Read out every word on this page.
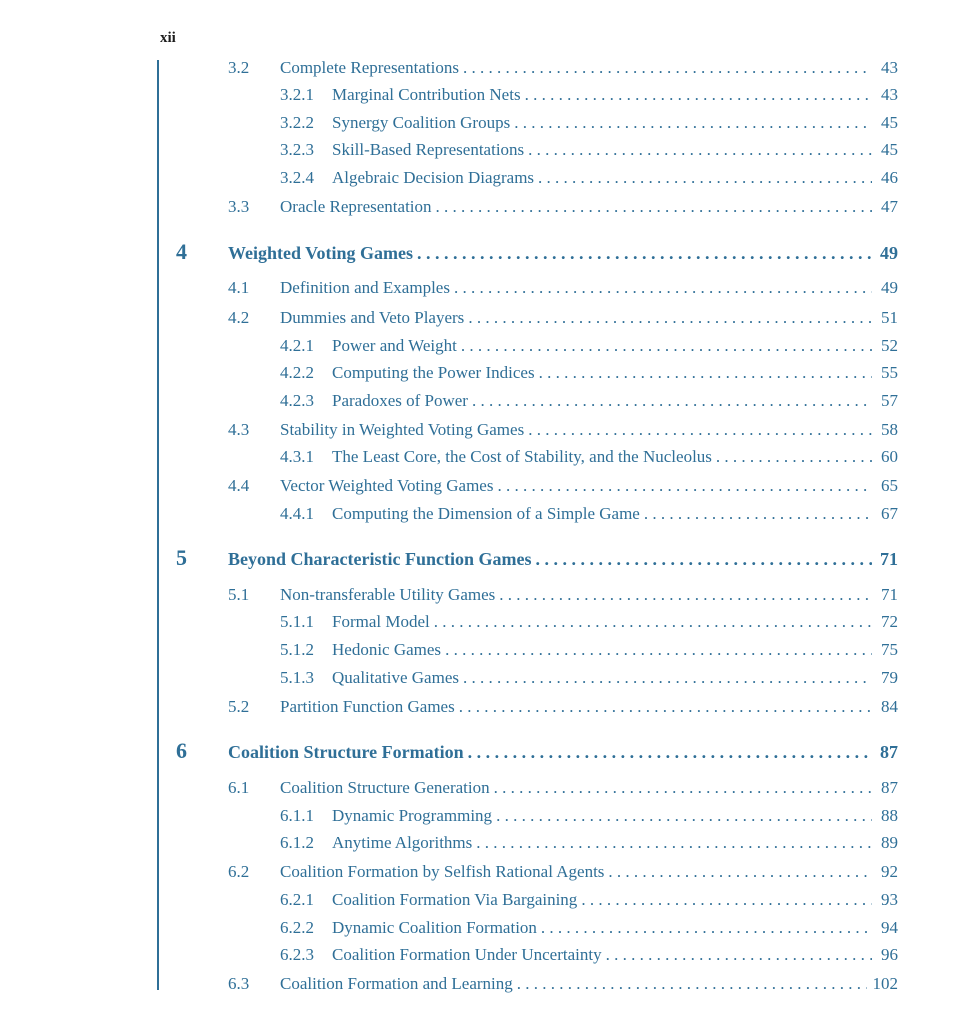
xii
3.2 Complete Representations . . .	43
3.2.1 Marginal Contribution Nets . . .	43
3.2.2 Synergy Coalition Groups . . .	45
3.2.3 Skill-Based Representations . . .	45
3.2.4 Algebraic Decision Diagrams . . .	46
3.3 Oracle Representation . . .	47
4 Weighted Voting Games . . .	49
4.1 Definition and Examples . . .	49
4.2 Dummies and Veto Players . . .	51
4.2.1 Power and Weight . . .	52
4.2.2 Computing the Power Indices . . .	55
4.2.3 Paradoxes of Power . . .	57
4.3 Stability in Weighted Voting Games . . .	58
4.3.1 The Least Core, the Cost of Stability, and the Nucleolus . . .	60
4.4 Vector Weighted Voting Games . . .	65
4.4.1 Computing the Dimension of a Simple Game . . .	67
5 Beyond Characteristic Function Games . . .	71
5.1 Non-transferable Utility Games . . .	71
5.1.1 Formal Model . . .	72
5.1.2 Hedonic Games . . .	75
5.1.3 Qualitative Games . . .	79
5.2 Partition Function Games . . .	84
6 Coalition Structure Formation . . .	87
6.1 Coalition Structure Generation . . .	87
6.1.1 Dynamic Programming . . .	88
6.1.2 Anytime Algorithms . . .	89
6.2 Coalition Formation by Selfish Rational Agents . . .	92
6.2.1 Coalition Formation Via Bargaining . . .	93
6.2.2 Dynamic Coalition Formation . . .	94
6.2.3 Coalition Formation Under Uncertainty . . .	96
6.3 Coalition Formation and Learning . . .	102
